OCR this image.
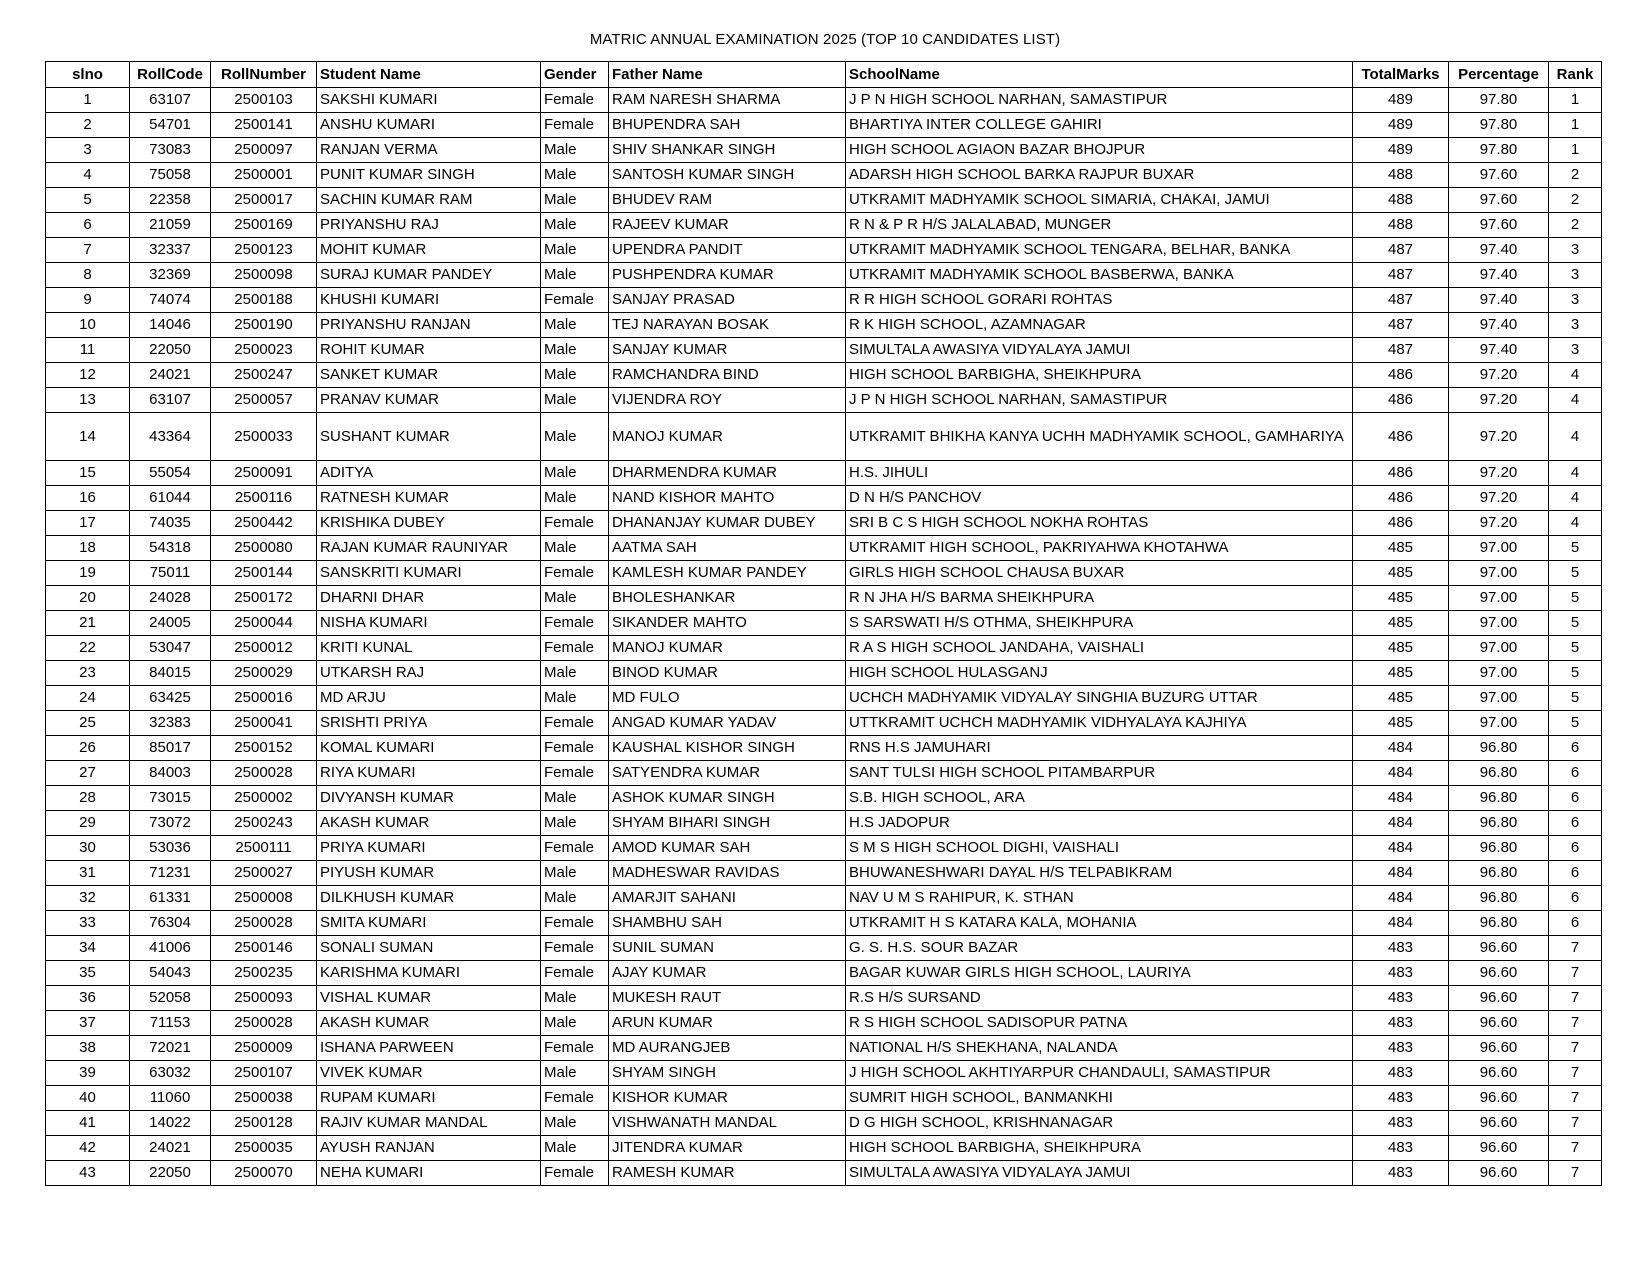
MATRIC ANNUAL EXAMINATION 2025 (TOP 10 CANDIDATES LIST)
slno	RollCode	RollNumber	Student Name	Gender	Father Name	SchoolName	TotalMarks	Percentage	Rank
1	63107	2500103	SAKSHI KUMARI	Female	RAM NARESH SHARMA	J P N HIGH SCHOOL NARHAN, SAMASTIPUR	489	97.80	1
2	54701	2500141	ANSHU KUMARI	Female	BHUPENDRA SAH	BHARTIYA INTER COLLEGE GAHIRI	489	97.80	1
3	73083	2500097	RANJAN VERMA	Male	SHIV SHANKAR SINGH	HIGH SCHOOL AGIAON BAZAR BHOJPUR	489	97.80	1
4	75058	2500001	PUNIT KUMAR SINGH	Male	SANTOSH KUMAR SINGH	ADARSH HIGH SCHOOL BARKA RAJPUR BUXAR	488	97.60	2
5	22358	2500017	SACHIN KUMAR RAM	Male	BHUDEV RAM	UTKRAMIT MADHYAMIK SCHOOL SIMARIA, CHAKAI, JAMUI	488	97.60	2
6	21059	2500169	PRIYANSHU RAJ	Male	RAJEEV KUMAR	R N & P R H/S JALALABAD, MUNGER	488	97.60	2
7	32337	2500123	MOHIT KUMAR	Male	UPENDRA PANDIT	UTKRAMIT MADHYAMIK SCHOOL TENGARA, BELHAR, BANKA	487	97.40	3
8	32369	2500098	SURAJ KUMAR PANDEY	Male	PUSHPENDRA KUMAR	UTKRAMIT MADHYAMIK SCHOOL BASBERWA, BANKA	487	97.40	3
9	74074	2500188	KHUSHI KUMARI	Female	SANJAY PRASAD	R R HIGH SCHOOL GORARI ROHTAS	487	97.40	3
10	14046	2500190	PRIYANSHU RANJAN	Male	TEJ NARAYAN BOSAK	R K HIGH SCHOOL, AZAMNAGAR	487	97.40	3
11	22050	2500023	ROHIT KUMAR	Male	SANJAY KUMAR	SIMULTALA AWASIYA VIDYALAYA JAMUI	487	97.40	3
12	24021	2500247	SANKET KUMAR	Male	RAMCHANDRA BIND	HIGH SCHOOL BARBIGHA, SHEIKHPURA	486	97.20	4
13	63107	2500057	PRANAV KUMAR	Male	VIJENDRA ROY	J P N HIGH SCHOOL NARHAN, SAMASTIPUR	486	97.20	4
14	43364	2500033	SUSHANT KUMAR	Male	MANOJ KUMAR	UTKRAMIT BHIKHA KANYA UCHH MADHYAMIK SCHOOL, GAMHARIYA	486	97.20	4
15	55054	2500091	ADITYA	Male	DHARMENDRA KUMAR	H.S. JIHULI	486	97.20	4
16	61044	2500116	RATNESH KUMAR	Male	NAND KISHOR MAHTO	D N H/S PANCHOV	486	97.20	4
17	74035	2500442	KRISHIKA DUBEY	Female	DHANANJAY KUMAR DUBEY	SRI B C S HIGH SCHOOL NOKHA ROHTAS	486	97.20	4
18	54318	2500080	RAJAN KUMAR RAUNIYAR	Male	AATMA SAH	UTKRAMIT HIGH SCHOOL, PAKRIYAHWA KHOTAHWA	485	97.00	5
19	75011	2500144	SANSKRITI KUMARI	Female	KAMLESH KUMAR PANDEY	GIRLS HIGH SCHOOL CHAUSA BUXAR	485	97.00	5
20	24028	2500172	DHARNI DHAR	Male	BHOLESHANKAR	R N JHA H/S BARMA SHEIKHPURA	485	97.00	5
21	24005	2500044	NISHA KUMARI	Female	SIKANDER MAHTO	S SARSWATI H/S OTHMA, SHEIKHPURA	485	97.00	5
22	53047	2500012	KRITI KUNAL	Female	MANOJ KUMAR	R A S HIGH SCHOOL JANDAHA, VAISHALI	485	97.00	5
23	84015	2500029	UTKARSH RAJ	Male	BINOD KUMAR	HIGH SCHOOL HULASGANJ	485	97.00	5
24	63425	2500016	MD ARJU	Male	MD FULO	UCHCH MADHYAMIK VIDYALAY SINGHIA BUZURG UTTAR	485	97.00	5
25	32383	2500041	SRISHTI PRIYA	Female	ANGAD KUMAR YADAV	UTTKRAMIT UCHCH MADHYAMIK VIDHYALAYA KAJHIYA	485	97.00	5
26	85017	2500152	KOMAL KUMARI	Female	KAUSHAL KISHOR SINGH	RNS H.S JAMUHARI	484	96.80	6
27	84003	2500028	RIYA KUMARI	Female	SATYENDRA KUMAR	SANT TULSI HIGH SCHOOL PITAMBARPUR	484	96.80	6
28	73015	2500002	DIVYANSH KUMAR	Male	ASHOK KUMAR SINGH	S.B. HIGH SCHOOL, ARA	484	96.80	6
29	73072	2500243	AKASH KUMAR	Male	SHYAM BIHARI SINGH	H.S JADOPUR	484	96.80	6
30	53036	2500111	PRIYA KUMARI	Female	AMOD KUMAR SAH	S M S HIGH SCHOOL DIGHI, VAISHALI	484	96.80	6
31	71231	2500027	PIYUSH KUMAR	Male	MADHESWAR RAVIDAS	BHUWANESHWARI DAYAL H/S TELPABIKRAM	484	96.80	6
32	61331	2500008	DILKHUSH KUMAR	Male	AMARJIT SAHANI	NAV U M S RAHIPUR, K. STHAN	484	96.80	6
33	76304	2500028	SMITA KUMARI	Female	SHAMBHU SAH	UTKRAMIT H S KATARA KALA, MOHANIA	484	96.80	6
34	41006	2500146	SONALI SUMAN	Female	SUNIL SUMAN	G. S. H.S. SOUR BAZAR	483	96.60	7
35	54043	2500235	KARISHMA KUMARI	Female	AJAY KUMAR	BAGAR KUWAR GIRLS HIGH SCHOOL, LAURIYA	483	96.60	7
36	52058	2500093	VISHAL KUMAR	Male	MUKESH RAUT	R.S H/S SURSAND	483	96.60	7
37	71153	2500028	AKASH KUMAR	Male	ARUN KUMAR	R S HIGH SCHOOL SADISOPUR PATNA	483	96.60	7
38	72021	2500009	ISHANA PARWEEN	Female	MD AURANGJEB	NATIONAL H/S SHEKHANA, NALANDA	483	96.60	7
39	63032	2500107	VIVEK KUMAR	Male	SHYAM SINGH	J HIGH SCHOOL AKHTIYARPUR CHANDAULI, SAMASTIPUR	483	96.60	7
40	11060	2500038	RUPAM KUMARI	Female	KISHOR KUMAR	SUMRIT HIGH SCHOOL, BANMANKHI	483	96.60	7
41	14022	2500128	RAJIV KUMAR MANDAL	Male	VISHWANATH MANDAL	D G HIGH SCHOOL, KRISHNANAGAR	483	96.60	7
42	24021	2500035	AYUSH RANJAN	Male	JITENDRA KUMAR	HIGH SCHOOL BARBIGHA, SHEIKHPURA	483	96.60	7
43	22050	2500070	NEHA KUMARI	Female	RAMESH KUMAR	SIMULTALA AWASIYA VIDYALAYA JAMUI	483	96.60	7
